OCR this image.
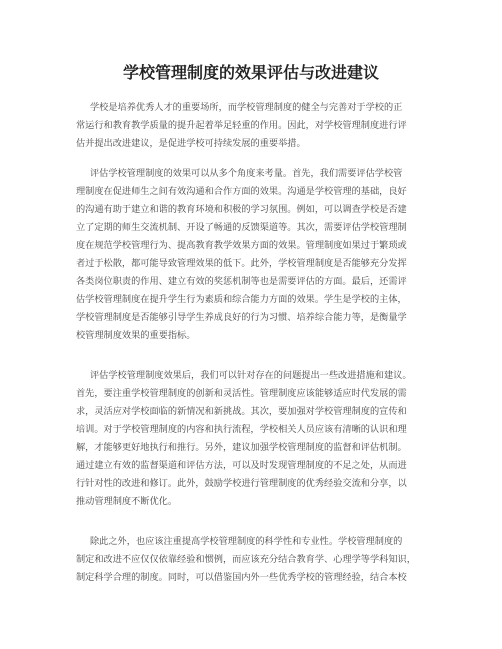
学校管理制度的效果评估与改进建议
学校是培养优秀人才的重要场所，而学校管理制度的健全与完善对于学校的正
常运行和教育教学质量的提升起着举足轻重的作用。因此，对学校管理制度进行评
估并提出改进建议，是促进学校可持续发展的重要举措。
评估学校管理制度的效果可以从多个角度来考量。首先，我们需要评估学校管
理制度在促进师生之间有效沟通和合作方面的效果。沟通是学校管理的基础，良好
的沟通有助于建立和谐的教育环境和积极的学习氛围。例如，可以调查学校是否建
立了定期的师生交流机制、开设了畅通的反馈渠道等。其次，需要评估学校管理制
度在规范学校管理行为、提高教育教学效果方面的效果。管理制度如果过于繁琐或
者过于松散，都可能导致管理效果的低下。此外，学校管理制度是否能够充分发挥
各类岗位职责的作用、建立有效的奖惩机制等也是需要评估的方面。最后，还需评
估学校管理制度在提升学生行为素质和综合能力方面的效果。学生是学校的主体，
学校管理制度是否能够引导学生养成良好的行为习惯、培养综合能力等，是衡量学
校管理制度效果的重要指标。
评估学校管理制度效果后，我们可以针对存在的问题提出一些改进措施和建议。
首先，要注重学校管理制度的创新和灵活性。管理制度应该能够适应时代发展的需
求，灵活应对学校面临的新情况和新挑战。其次，要加强对学校管理制度的宣传和
培训。对于学校管理制度的内容和执行流程，学校相关人员应该有清晰的认识和理
解，才能够更好地执行和推行。另外，建议加强学校管理制度的监督和评估机制。
通过建立有效的监督渠道和评估方法，可以及时发现管理制度的不足之处，从而进
行针对性的改进和修订。此外，鼓励学校进行管理制度的优秀经验交流和分享，以
推动管理制度不断优化。
除此之外，也应该注重提高学校管理制度的科学性和专业性。学校管理制度的
制定和改进不应仅仅依靠经验和惯例，而应该充分结合教育学、心理学等学科知识，
制定科学合理的制度。同时，可以借鉴国内外一些优秀学校的管理经验，结合本校
